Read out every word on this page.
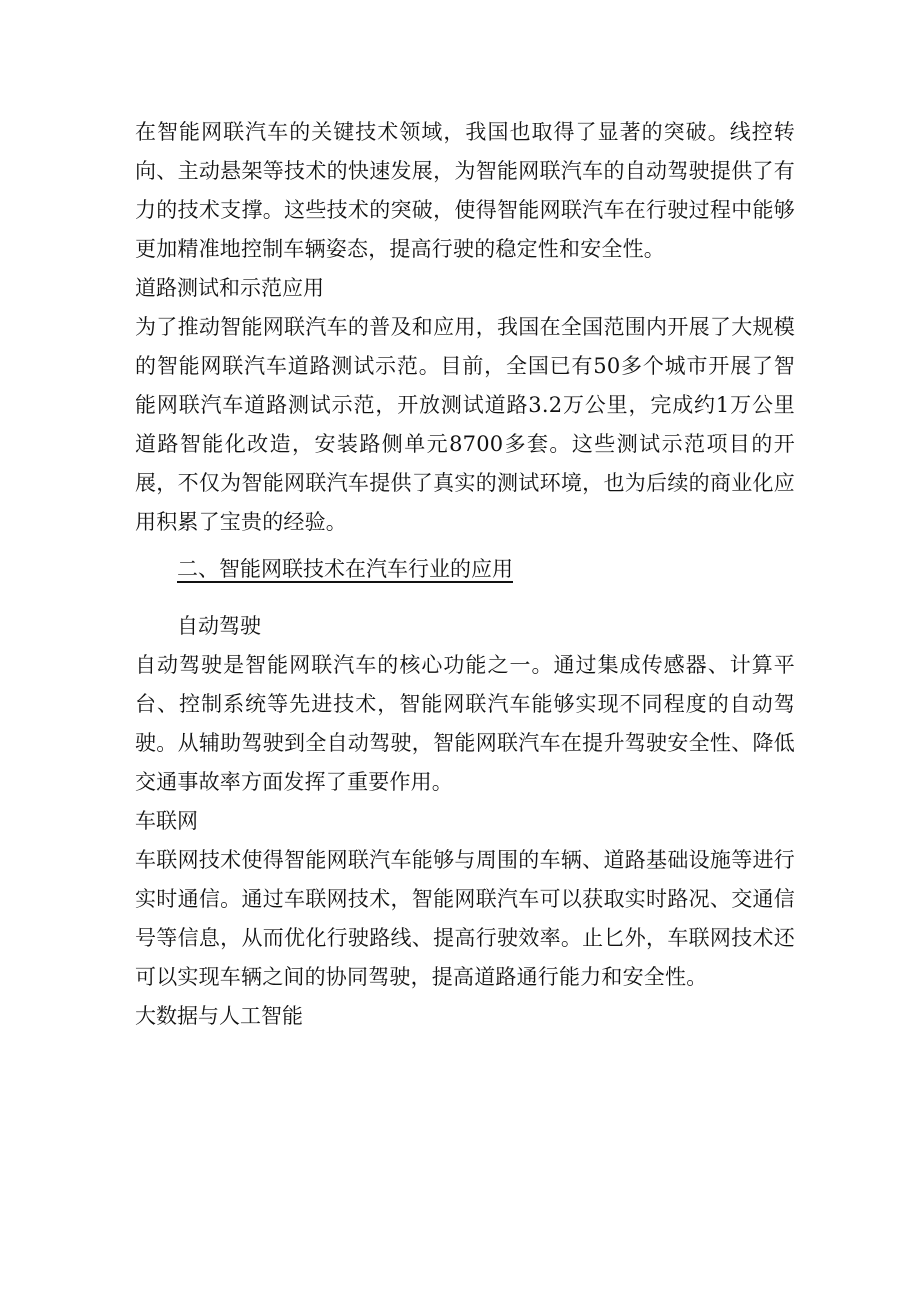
在智能网联汽车的关键技术领域，我国也取得了显著的突破。线控转向、主动悬架等技术的快速发展，为智能网联汽车的自动驾驶提供了有力的技术支撑。这些技术的突破，使得智能网联汽车在行驶过程中能够更加精准地控制车辆姿态，提高行驶的稳定性和安全性。

道路测试和示范应用

为了推动智能网联汽车的普及和应用，我国在全国范围内开展了大规模的智能网联汽车道路测试示范。目前，全国已有50多个城市开展了智能网联汽车道路测试示范，开放测试道路3.2万公里，完成约1万公里道路智能化改造，安装路侧单元8700多套。这些测试示范项目的开展，不仅为智能网联汽车提供了真实的测试环境，也为后续的商业化应用积累了宝贵的经验。

二、智能网联技术在汽车行业的应用

自动驾驶

自动驾驶是智能网联汽车的核心功能之一。通过集成传感器、计算平台、控制系统等先进技术，智能网联汽车能够实现不同程度的自动驾驶。从辅助驾驶到全自动驾驶，智能网联汽车在提升驾驶安全性、降低交通事故率方面发挥了重要作用。

车联网

车联网技术使得智能网联汽车能够与周围的车辆、道路基础设施等进行实时通信。通过车联网技术，智能网联汽车可以获取实时路况、交通信号等信息，从而优化行驶路线、提高行驶效率。止匕外，车联网技术还可以实现车辆之间的协同驾驶，提高道路通行能力和安全性。

大数据与人工智能
